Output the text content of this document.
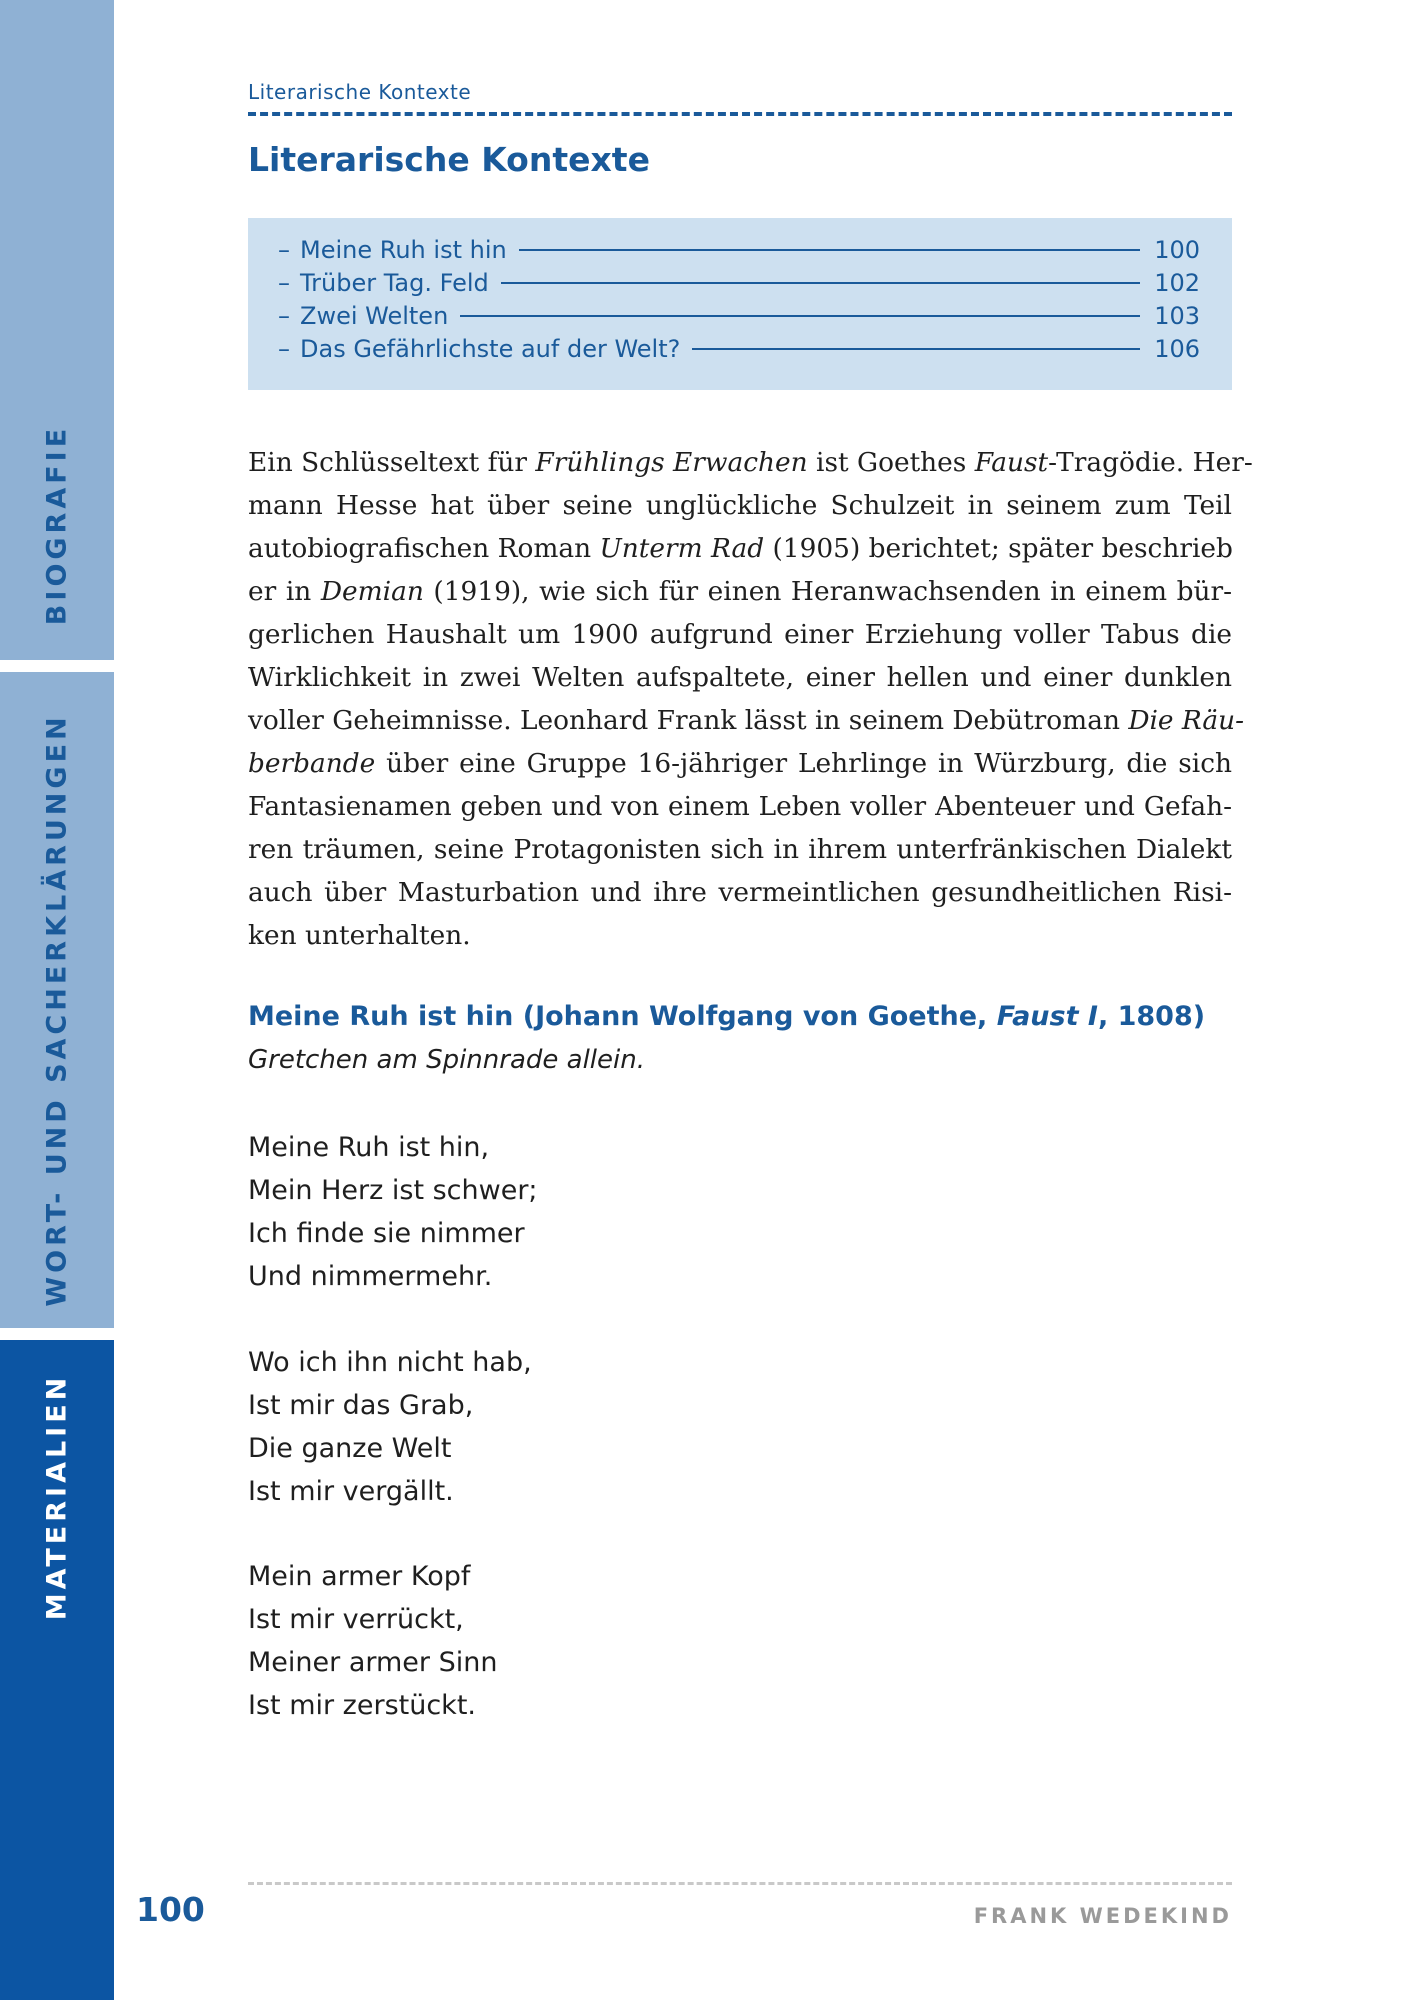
BIOGRAFIE
WORT- UND SACHERKLÄRUNGEN
MATERIALIEN
Literarische Kontexte
Literarische Kontexte
– Meine Ruh ist hin	100
– Trüber Tag. Feld	102
– Zwei Welten	103
– Das Gefährlichste auf der Welt?	106
Ein Schlüsseltext für Frühlings Erwachen ist Goethes Faust-Tragödie. Her-
mann Hesse hat über seine unglückliche Schulzeit in seinem zum Teil
autobiografischen Roman Unterm Rad (1905) berichtet; später beschrieb
er in Demian (1919), wie sich für einen Heranwachsenden in einem bür-
gerlichen Haushalt um 1900 aufgrund einer Erziehung voller Tabus die
Wirklichkeit in zwei Welten aufspaltete, einer hellen und einer dunklen
voller Geheimnisse. Leonhard Frank lässt in seinem Debütroman Die Räu-
berbande über eine Gruppe 16-jähriger Lehrlinge in Würzburg, die sich
Fantasienamen geben und von einem Leben voller Abenteuer und Gefah-
ren träumen, seine Protagonisten sich in ihrem unterfränkischen Dialekt
auch über Masturbation und ihre vermeintlichen gesundheitlichen Risi-
ken unterhalten.
Meine Ruh ist hin (Johann Wolfgang von Goethe, Faust I, 1808)
Gretchen am Spinnrade allein.
Meine Ruh ist hin,
Mein Herz ist schwer;
Ich finde sie nimmer
Und nimmermehr.
Wo ich ihn nicht hab,
Ist mir das Grab,
Die ganze Welt
Ist mir vergällt.
Mein armer Kopf
Ist mir verrückt,
Meiner armer Sinn
Ist mir zerstückt.
100	FRANK WEDEKIND
